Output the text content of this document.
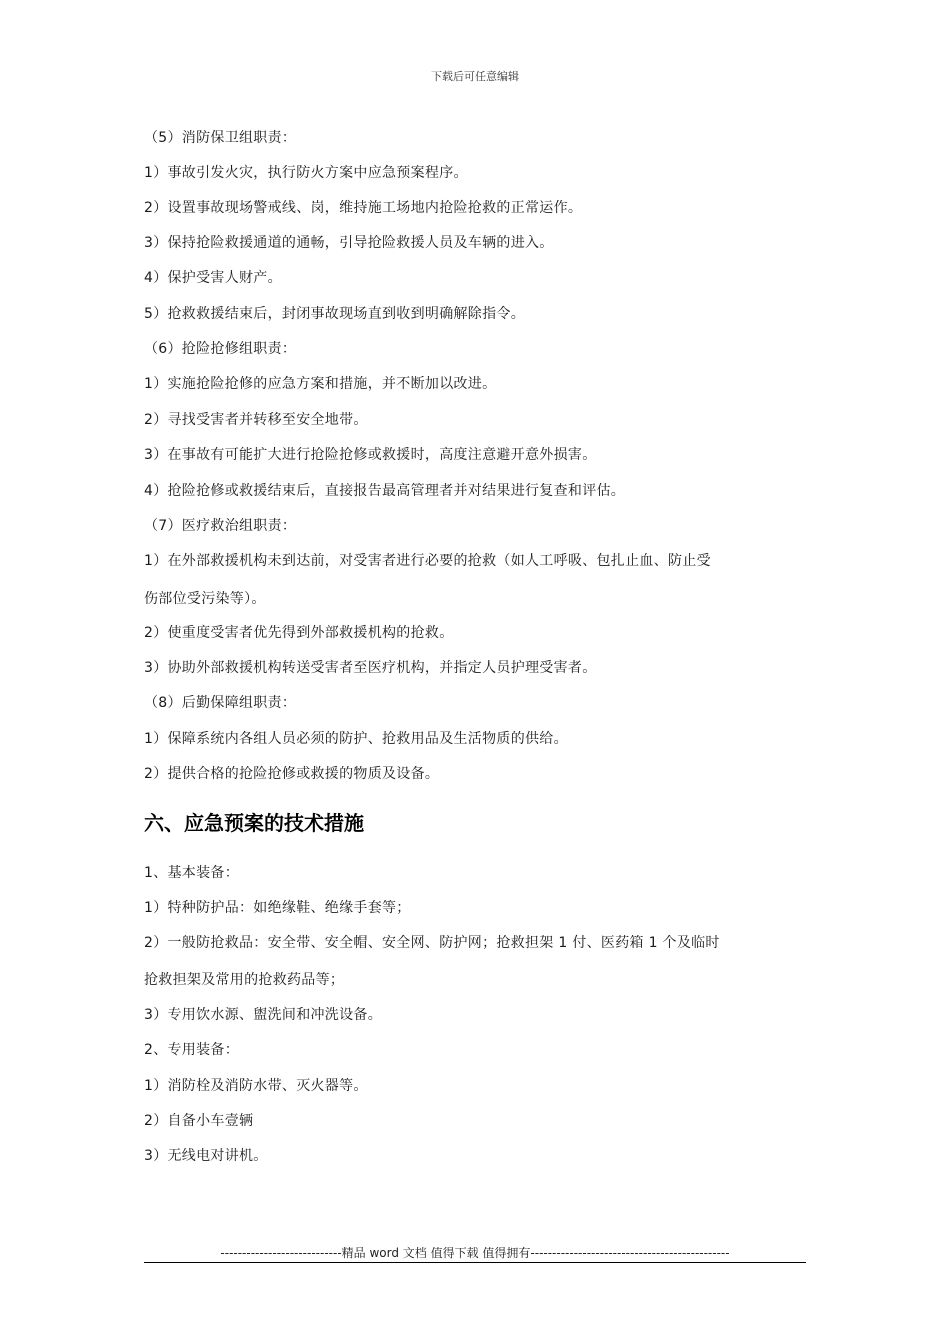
下载后可任意编辑
（5）消防保卫组职责：
1）事故引发火灾，执行防火方案中应急预案程序。
2）设置事故现场警戒线、岗，维持施工场地内抢险抢救的正常运作。
3）保持抢险救援通道的通畅，引导抢险救援人员及车辆的进入。
4）保护受害人财产。
5）抢救救援结束后，封闭事故现场直到收到明确解除指令。
（6）抢险抢修组职责：
1）实施抢险抢修的应急方案和措施，并不断加以改进。
2）寻找受害者并转移至安全地带。
3）在事故有可能扩大进行抢险抢修或救援时，高度注意避开意外损害。
4）抢险抢修或救援结束后，直接报告最高管理者并对结果进行复查和评估。
（7）医疗救治组职责：
1）在外部救援机构未到达前，对受害者进行必要的抢救（如人工呼吸、包扎止血、防止受
伤部位受污染等）。
2）使重度受害者优先得到外部救援机构的抢救。
3）协助外部救援机构转送受害者至医疗机构，并指定人员护理受害者。
（8）后勤保障组职责：
1）保障系统内各组人员必须的防护、抢救用品及生活物质的供给。
2）提供合格的抢险抢修或救援的物质及设备。
六、应急预案的技术措施
1、基本装备：
1）特种防护品：如绝缘鞋、绝缘手套等；
2）一般防抢救品：安全带、安全帽、安全网、防护网；抢救担架 1 付、医药箱 1 个及临时
抢救担架及常用的抢救药品等；
3）专用饮水源、盥洗间和冲洗设备。
2、专用装备：
1）消防栓及消防水带、灭火器等。
2）自备小车壹辆
3）无线电对讲机。
----------------------------精品 word 文档 值得下载 值得拥有----------------------------------------------
